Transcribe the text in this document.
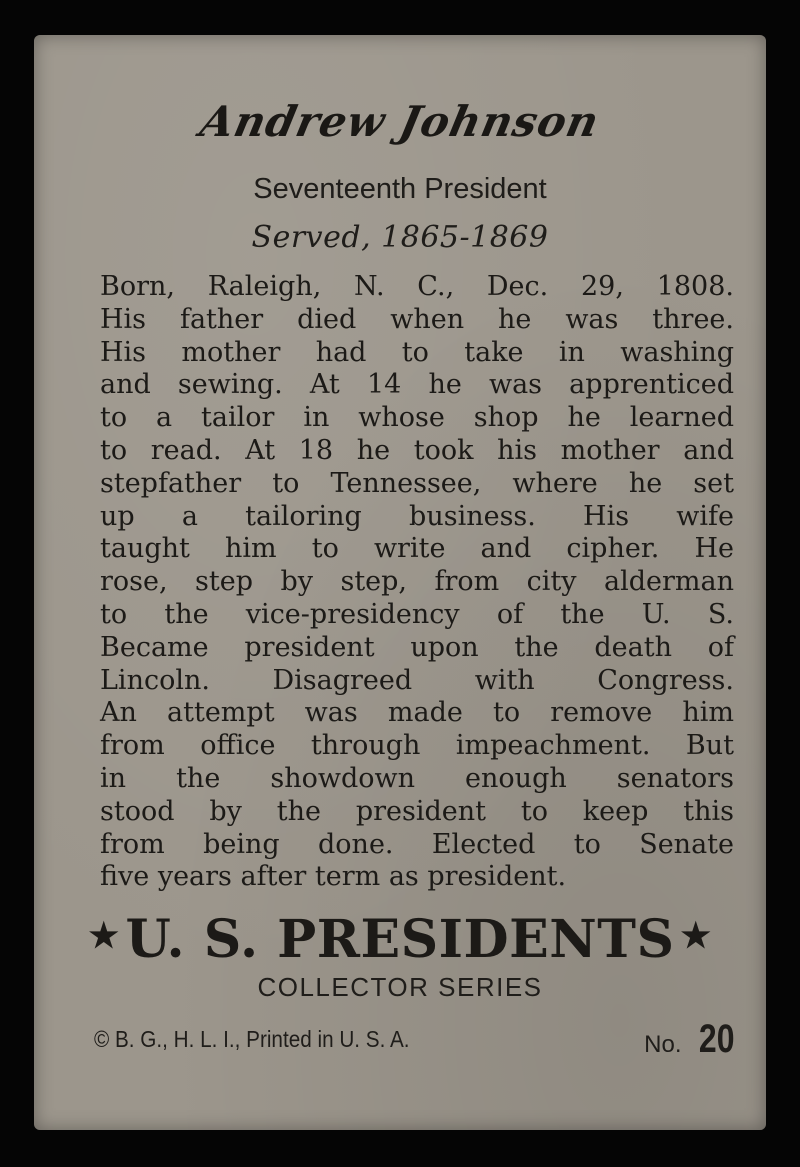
Andrew Johnson
Seventeenth President
Served, 1865-1869
Born, Raleigh, N. C., Dec. 29, 1808.
His father died when he was three.
His mother had to take in washing
and sewing. At 14 he was apprenticed
to a tailor in whose shop he learned
to read. At 18 he took his mother and
stepfather to Tennessee, where he set
up a tailoring business. His wife
taught him to write and cipher. He
rose, step by step, from city alderman
to the vice-presidency of the U. S.
Became president upon the death of
Lincoln. Disagreed with Congress.
An attempt was made to remove him
from office through impeachment. But
in the showdown enough senators
stood by the president to keep this
from being done. Elected to Senate
five years after term as president.
★ U. S. PRESIDENTS ★
COLLECTOR SERIES
© B. G., H. L. I., Printed in U. S. A.	No. 20
